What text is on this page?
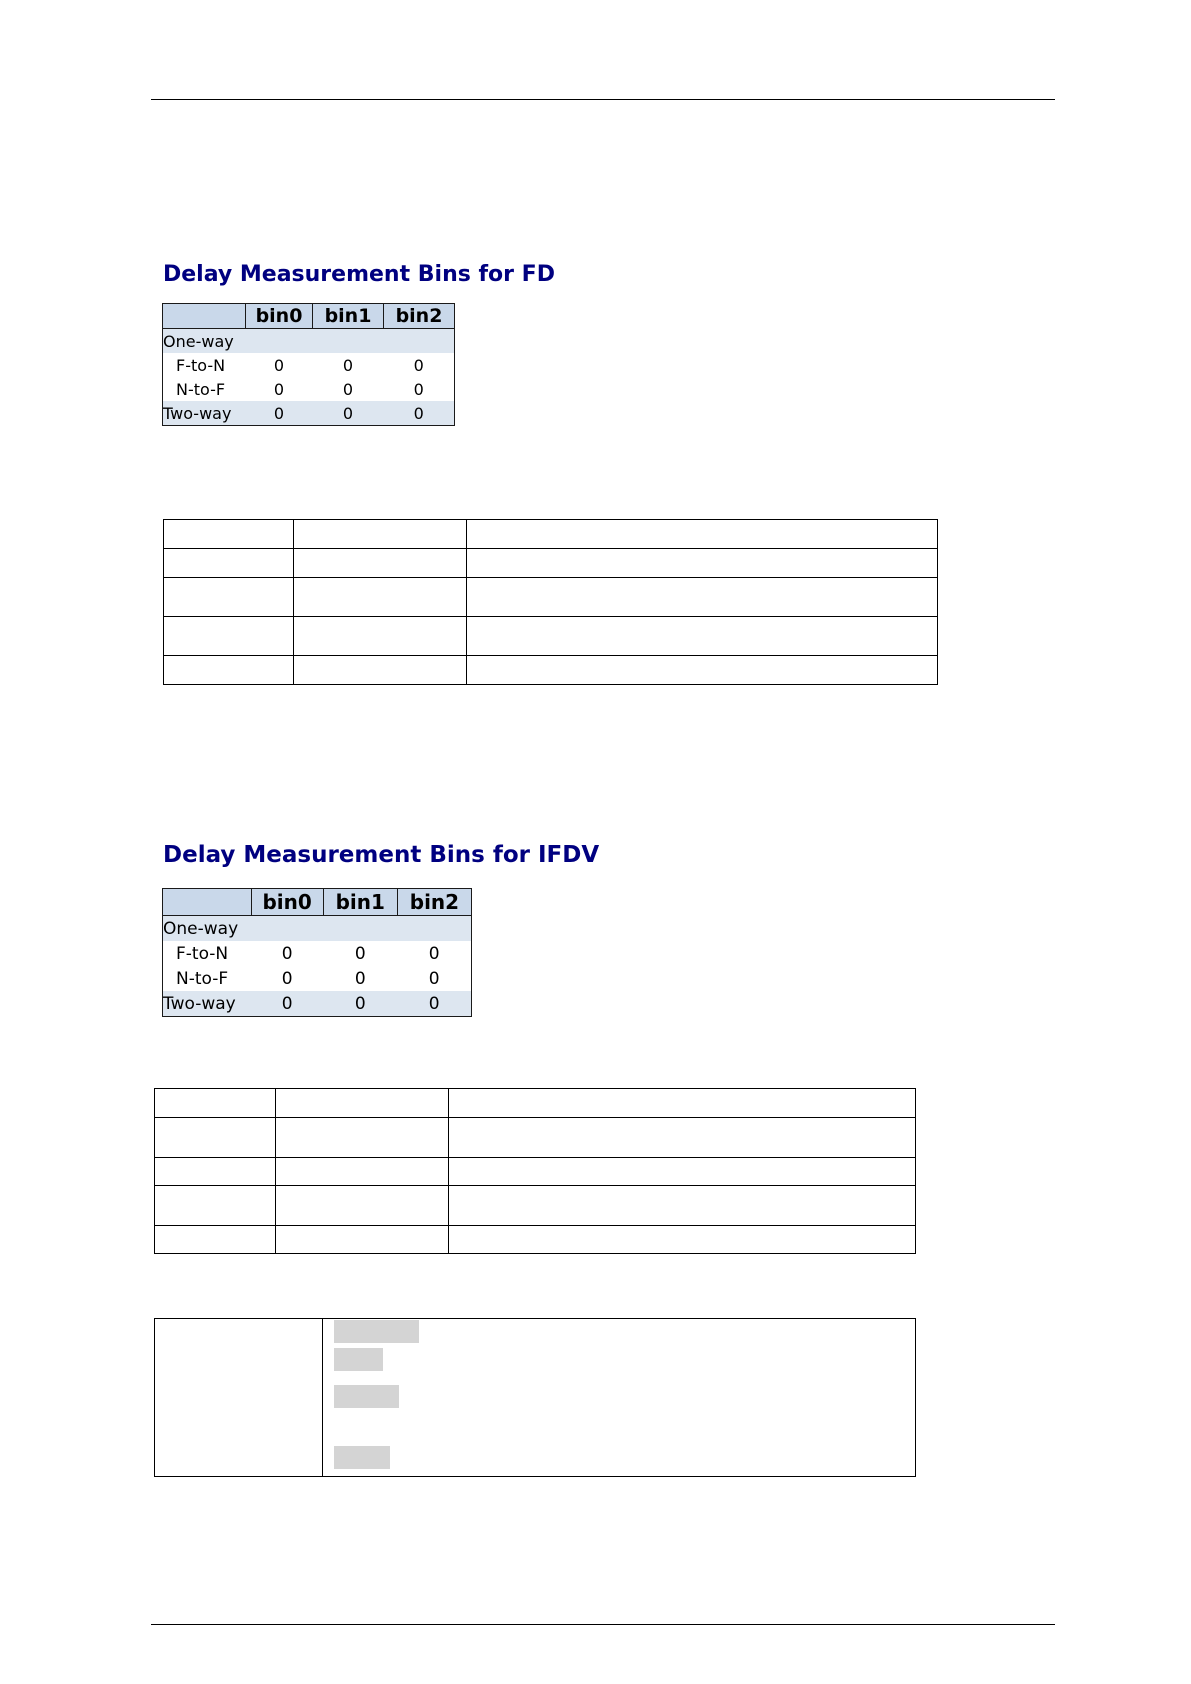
Delay Measurement Bins for FD
	bin0	bin1	bin2
One-way			
F-to-N	0	0	0
N-to-F	0	0	0
Two-way	0	0	0

Delay Measurement Bins for IFDV
	bin0	bin1	bin2
One-way			
F-to-N	0	0	0
N-to-F	0	0	0
Two-way	0	0	0
